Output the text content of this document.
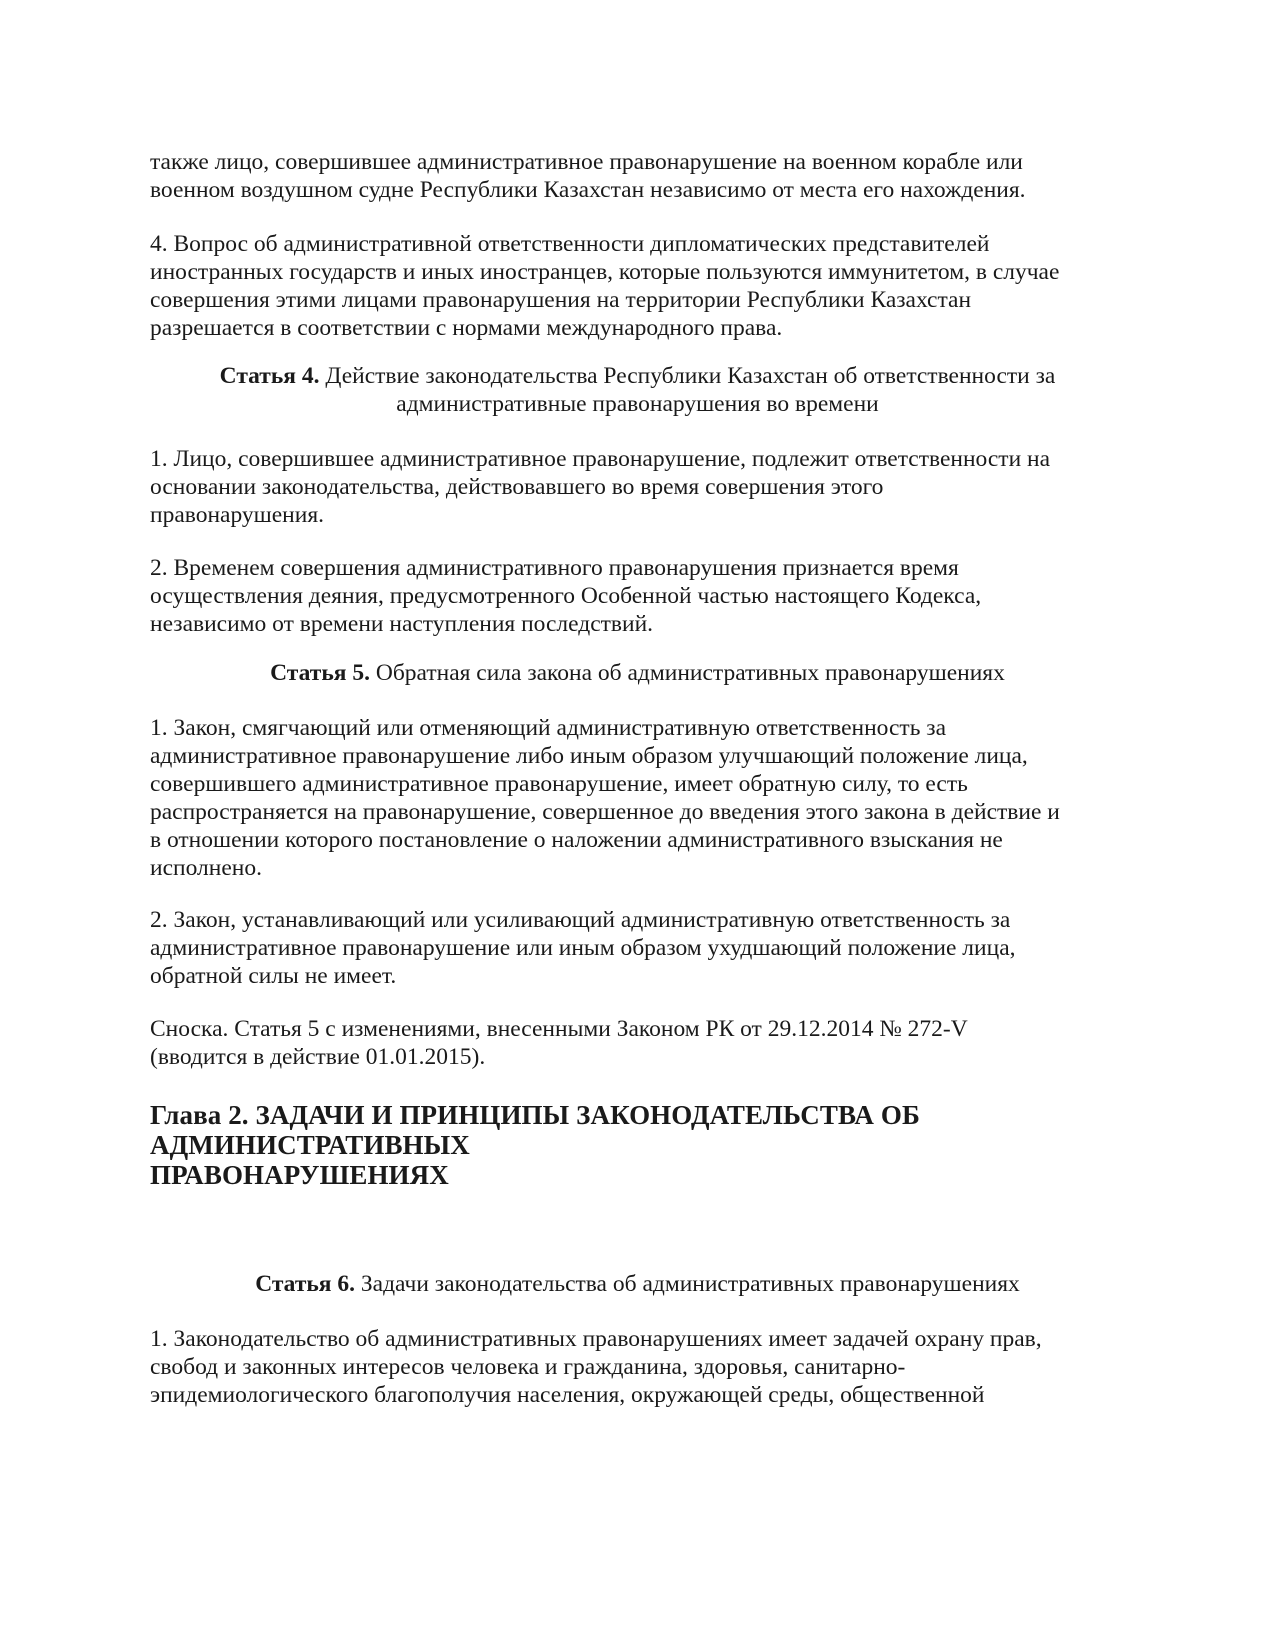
также лицо, совершившее административное правонарушение на военном корабле или
военном воздушном судне Республики Казахстан независимо от места его нахождения.

4. Вопрос об административной ответственности дипломатических представителей
иностранных государств и иных иностранцев, которые пользуются иммунитетом, в случае
совершения этими лицами правонарушения на территории Республики Казахстан
разрешается в соответствии с нормами международного права.

Статья 4. Действие законодательства Республики Казахстан об ответственности за
административные правонарушения во времени

1. Лицо, совершившее административное правонарушение, подлежит ответственности на
основании законодательства, действовавшего во время совершения этого
правонарушения.

2. Временем совершения административного правонарушения признается время
осуществления деяния, предусмотренного Особенной частью настоящего Кодекса,
независимо от времени наступления последствий.

Статья 5. Обратная сила закона об административных правонарушениях

1. Закон, смягчающий или отменяющий административную ответственность за
административное правонарушение либо иным образом улучшающий положение лица,
совершившего административное правонарушение, имеет обратную силу, то есть
распространяется на правонарушение, совершенное до введения этого закона в действие и
в отношении которого постановление о наложении административного взыскания не
исполнено.

2. Закон, устанавливающий или усиливающий административную ответственность за
административное правонарушение или иным образом ухудшающий положение лица,
обратной силы не имеет.

Сноска. Статья 5 с изменениями, внесенными Законом РК от 29.12.2014 № 272-V
(вводится в действие 01.01.2015).

Глава 2. ЗАДАЧИ И ПРИНЦИПЫ ЗАКОНОДАТЕЛЬСТВА ОБ
АДМИНИСТРАТИВНЫХ
ПРАВОНАРУШЕНИЯХ
Статья 6. Задачи законодательства об административных правонарушениях

1. Законодательство об административных правонарушениях имеет задачей охрану прав,
свобод и законных интересов человека и гражданина, здоровья, санитарно-
эпидемиологического благополучия населения, окружающей среды, общественной
